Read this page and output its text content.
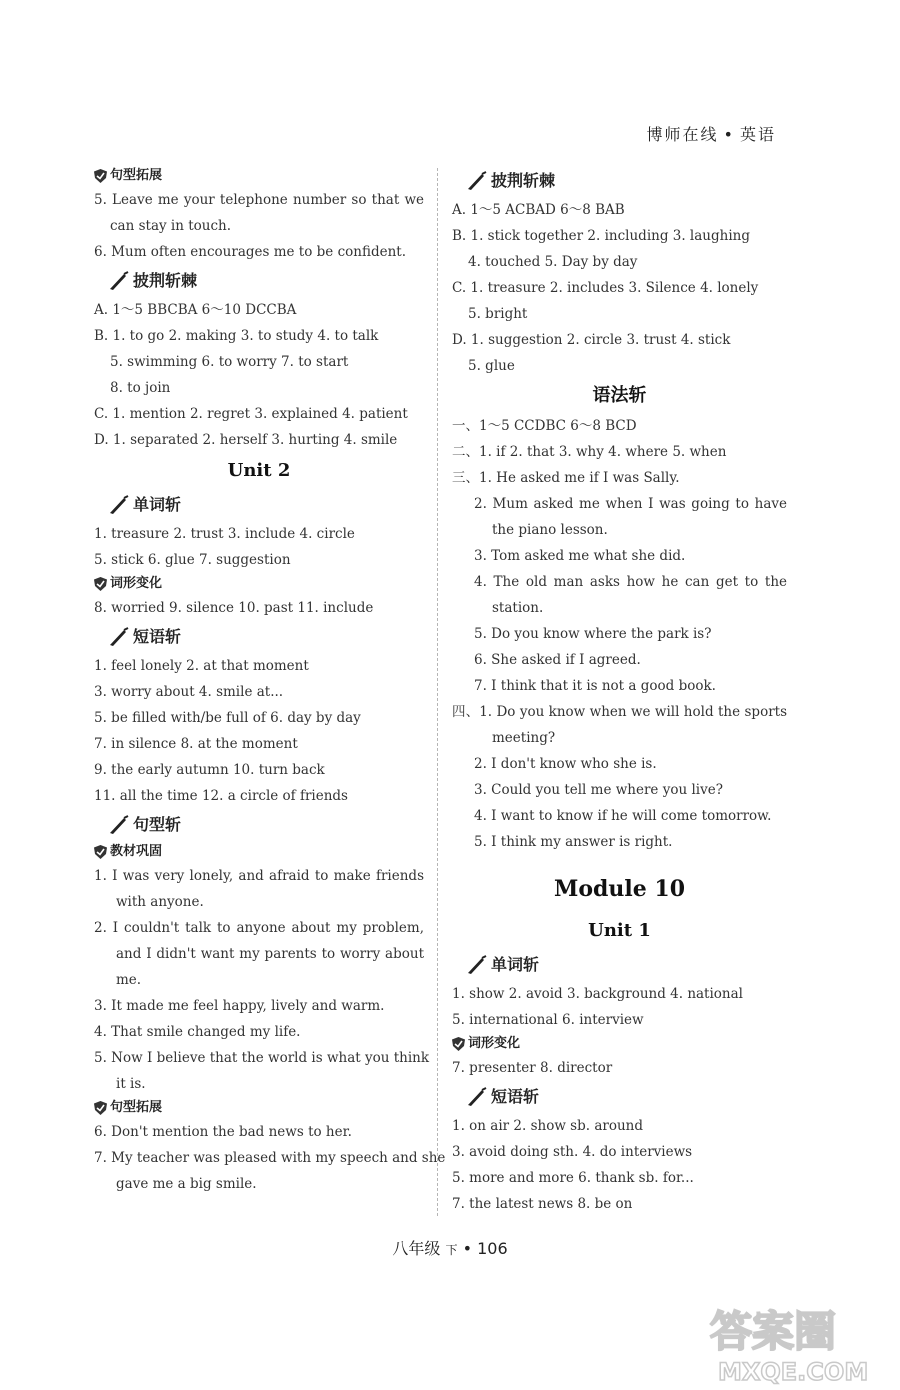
博师在线 • 英语
句型拓展
5. Leave me your telephone number so that we
can stay in touch.
6. Mum often encourages me to be confident.
披荆斩棘
A. 1～5 BBCBA 6～10 DCCBA
B. 1. to go 2. making 3. to study 4. to talk
5. swimming 6. to worry 7. to start
8. to join
C. 1. mention 2. regret 3. explained 4. patient
D. 1. separated 2. herself 3. hurting 4. smile
Unit 2
单词斩
1. treasure 2. trust 3. include 4. circle
5. stick 6. glue 7. suggestion
词形变化
8. worried 9. silence 10. past 11. include
短语斩
1. feel lonely 2. at that moment
3. worry about 4. smile at...
5. be filled with/be full of 6. day by day
7. in silence 8. at the moment
9. the early autumn 10. turn back
11. all the time 12. a circle of friends
句型斩
教材巩固
1. I was very lonely, and afraid to make friends
with anyone.
2. I couldn't talk to anyone about my problem,
and I didn't want my parents to worry about
me.
3. It made me feel happy, lively and warm.
4. That smile changed my life.
5. Now I believe that the world is what you think
it is.
句型拓展
6. Don't mention the bad news to her.
7. My teacher was pleased with my speech and she
gave me a big smile.
披荆斩棘
A. 1～5 ACBAD 6～8 BAB
B. 1. stick together 2. including 3. laughing
4. touched 5. Day by day
C. 1. treasure 2. includes 3. Silence 4. lonely
5. bright
D. 1. suggestion 2. circle 3. trust 4. stick
5. glue
语法斩
一、1～5 CCDBC 6～8 BCD
二、1. if 2. that 3. why 4. where 5. when
三、1. He asked me if I was Sally.
2. Mum asked me when I was going to have
the piano lesson.
3. Tom asked me what she did.
4. The old man asks how he can get to the
station.
5. Do you know where the park is?
6. She asked if I agreed.
7. I think that it is not a good book.
四、1. Do you know when we will hold the sports
meeting?
2. I don't know who she is.
3. Could you tell me where you live?
4. I want to know if he will come tomorrow.
5. I think my answer is right.
Module 10
Unit 1
单词斩
1. show 2. avoid 3. background 4. national
5. international 6. interview
词形变化
7. presenter 8. director
短语斩
1. on air 2. show sb. around
3. avoid doing sth. 4. do interviews
5. more and more 6. thank sb. for...
7. the latest news 8. be on
八年级 下 • 106
答案圈
MXQE.COM
